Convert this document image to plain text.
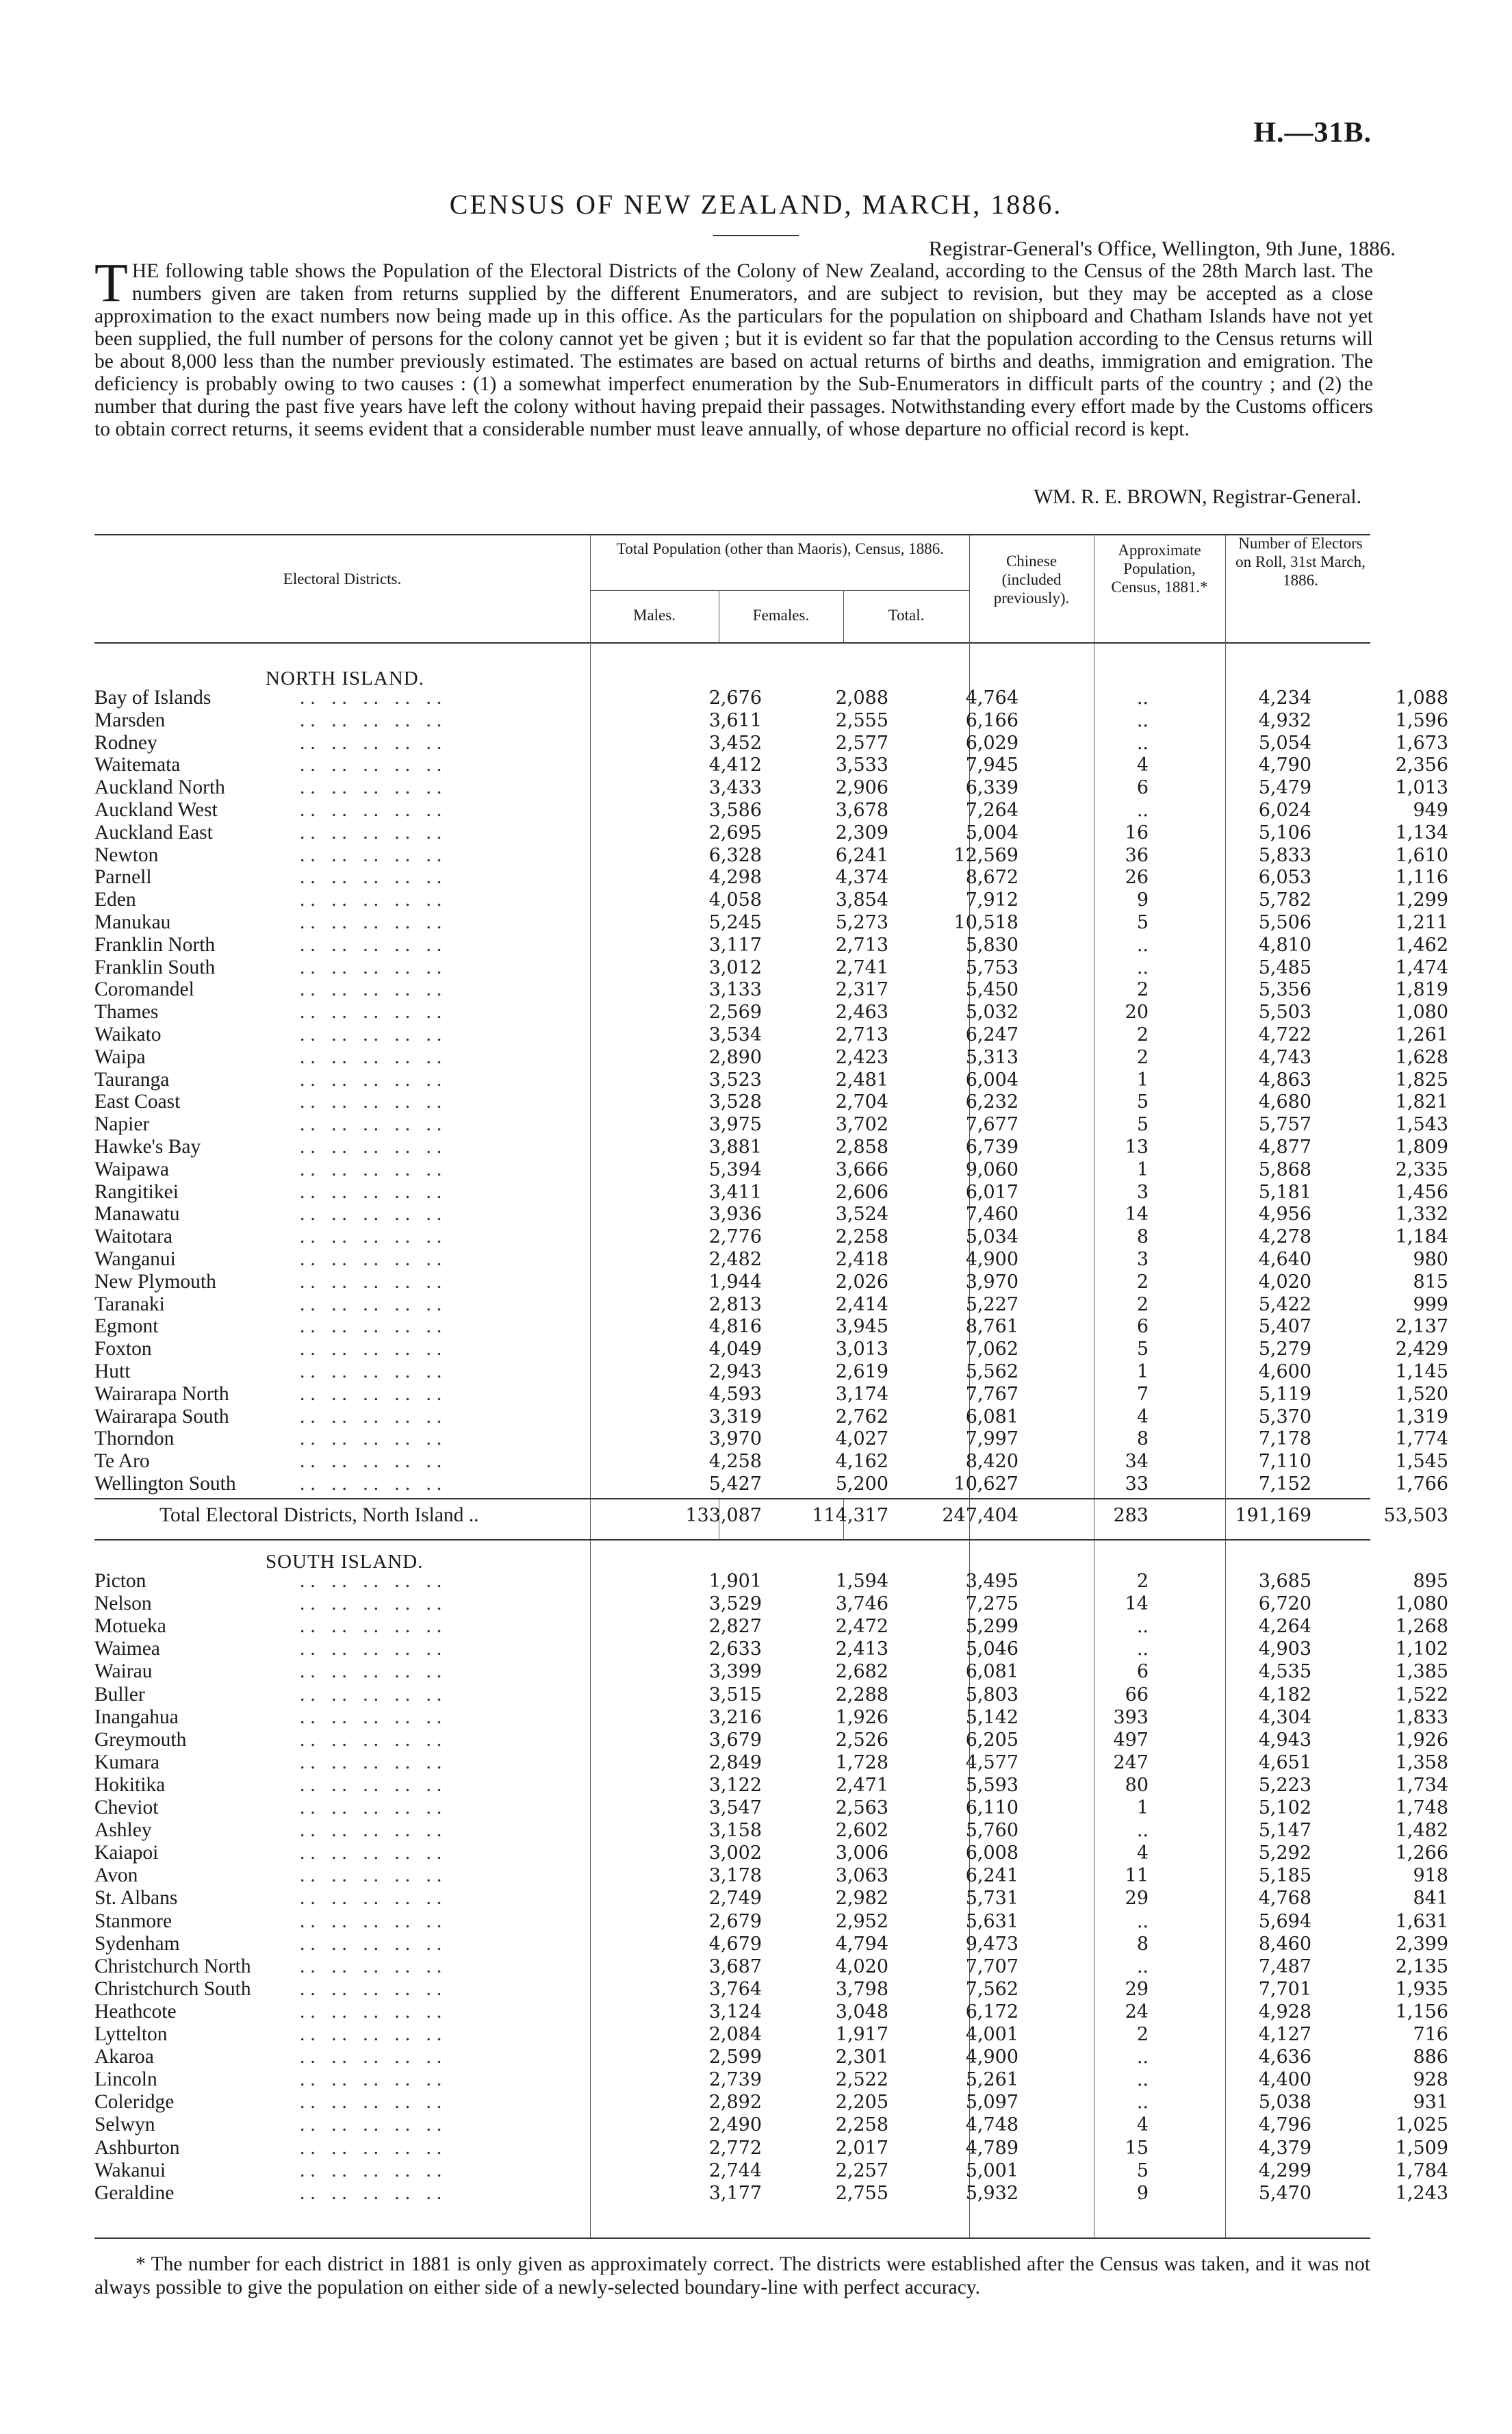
H.—31B.
CENSUS OF NEW ZEALAND, MARCH, 1886.
Registrar-General's Office, Wellington, 9th June, 1886.
THE following table shows the Population of the Electoral Districts of the Colony of New Zealand, according to the Census of the 28th March last. The numbers given are taken from returns supplied by the different Enumerators, and are subject to revision, but they may be accepted as a close approximation to the exact numbers now being made up in this office. As the particulars for the population on shipboard and Chatham Islands have not yet been supplied, the full number of persons for the colony cannot yet be given ; but it is evident so far that the population according to the Census returns will be about 8,000 less than the number previously estimated. The estimates are based on actual returns of births and deaths, immigration and emigration. The deficiency is probably owing to two causes : (1) a somewhat imperfect enumeration by the Sub-Enumerators in difficult parts of the country ; and (2) the number that during the past five years have left the colony without having prepaid their passages. Notwithstanding every effort made by the Customs officers to obtain correct returns, it seems evident that a considerable number must leave annually, of whose departure no official record is kept.
WM. R. E. BROWN, Registrar-General.
Electoral Districts.
Total Population (other than Maoris), Census, 1886.
Males.	Females.	Total.
Chinese (included previously).
Approximate Population, Census, 1881.*
Number of Electors on Roll, 31st March, 1886.
NORTH ISLAND.
.. .. .. .. ..
Bay of Islands	2,676	2,088	4,764	..	4,234	1,088
.. .. .. .. ..
Marsden	3,611	2,555	6,166	..	4,932	1,596
.. .. .. .. ..
Rodney	3,452	2,577	6,029	..	5,054	1,673
.. .. .. .. ..
Waitemata	4,412	3,533	7,945	4	4,790	2,356
.. .. .. .. ..
Auckland North	3,433	2,906	6,339	6	5,479	1,013
.. .. .. .. ..
Auckland West	3,586	3,678	7,264	..	6,024	949
.. .. .. .. ..
Auckland East	2,695	2,309	5,004	16	5,106	1,134
.. .. .. .. ..
Newton	6,328	6,241	12,569	36	5,833	1,610
.. .. .. .. ..
Parnell	4,298	4,374	8,672	26	6,053	1,116
.. .. .. .. ..
Eden	4,058	3,854	7,912	9	5,782	1,299
.. .. .. .. ..
Manukau	5,245	5,273	10,518	5	5,506	1,211
.. .. .. .. ..
Franklin North	3,117	2,713	5,830	..	4,810	1,462
.. .. .. .. ..
Franklin South	3,012	2,741	5,753	..	5,485	1,474
.. .. .. .. ..
Coromandel	3,133	2,317	5,450	2	5,356	1,819
.. .. .. .. ..
Thames	2,569	2,463	5,032	20	5,503	1,080
.. .. .. .. ..
Waikato	3,534	2,713	6,247	2	4,722	1,261
.. .. .. .. ..
Waipa	2,890	2,423	5,313	2	4,743	1,628
.. .. .. .. ..
Tauranga	3,523	2,481	6,004	1	4,863	1,825
.. .. .. .. ..
East Coast	3,528	2,704	6,232	5	4,680	1,821
.. .. .. .. ..
Napier	3,975	3,702	7,677	5	5,757	1,543
.. .. .. .. ..
Hawke's Bay	3,881	2,858	6,739	13	4,877	1,809
.. .. .. .. ..
Waipawa	5,394	3,666	9,060	1	5,868	2,335
.. .. .. .. ..
Rangitikei	3,411	2,606	6,017	3	5,181	1,456
.. .. .. .. ..
Manawatu	3,936	3,524	7,460	14	4,956	1,332
.. .. .. .. ..
Waitotara	2,776	2,258	5,034	8	4,278	1,184
.. .. .. .. ..
Wanganui	2,482	2,418	4,900	3	4,640	980
.. .. .. .. ..
New Plymouth	1,944	2,026	3,970	2	4,020	815
.. .. .. .. ..
Taranaki	2,813	2,414	5,227	2	5,422	999
.. .. .. .. ..
Egmont	4,816	3,945	8,761	6	5,407	2,137
.. .. .. .. ..
Foxton	4,049	3,013	7,062	5	5,279	2,429
.. .. .. .. ..
Hutt	2,943	2,619	5,562	1	4,600	1,145
.. .. .. .. ..
Wairarapa North	4,593	3,174	7,767	7	5,119	1,520
.. .. .. .. ..
Wairarapa South	3,319	2,762	6,081	4	5,370	1,319
.. .. .. .. ..
Thorndon	3,970	4,027	7,997	8	7,178	1,774
.. .. .. .. ..
Te Aro	4,258	4,162	8,420	34	7,110	1,545
.. .. .. .. ..
Wellington South	5,427	5,200	10,627	33	7,152	1,766
Total Electoral Districts, North Island ..	133,087	114,317	247,404	283	191,169	53,503
SOUTH ISLAND.
.. .. .. .. ..
Picton	1,901	1,594	3,495	2	3,685	895
.. .. .. .. ..
Nelson	3,529	3,746	7,275	14	6,720	1,080
.. .. .. .. ..
Motueka	2,827	2,472	5,299	..	4,264	1,268
.. .. .. .. ..
Waimea	2,633	2,413	5,046	..	4,903	1,102
.. .. .. .. ..
Wairau	3,399	2,682	6,081	6	4,535	1,385
.. .. .. .. ..
Buller	3,515	2,288	5,803	66	4,182	1,522
.. .. .. .. ..
Inangahua	3,216	1,926	5,142	393	4,304	1,833
.. .. .. .. ..
Greymouth	3,679	2,526	6,205	497	4,943	1,926
.. .. .. .. ..
Kumara	2,849	1,728	4,577	247	4,651	1,358
.. .. .. .. ..
Hokitika	3,122	2,471	5,593	80	5,223	1,734
.. .. .. .. ..
Cheviot	3,547	2,563	6,110	1	5,102	1,748
.. .. .. .. ..
Ashley	3,158	2,602	5,760	..	5,147	1,482
.. .. .. .. ..
Kaiapoi	3,002	3,006	6,008	4	5,292	1,266
.. .. .. .. ..
Avon	3,178	3,063	6,241	11	5,185	918
.. .. .. .. ..
St. Albans	2,749	2,982	5,731	29	4,768	841
.. .. .. .. ..
Stanmore	2,679	2,952	5,631	..	5,694	1,631
.. .. .. .. ..
Sydenham	4,679	4,794	9,473	8	8,460	2,399
.. .. .. .. ..
Christchurch North	3,687	4,020	7,707	..	7,487	2,135
.. .. .. .. ..
Christchurch South	3,764	3,798	7,562	29	7,701	1,935
.. .. .. .. ..
Heathcote	3,124	3,048	6,172	24	4,928	1,156
.. .. .. .. ..
Lyttelton	2,084	1,917	4,001	2	4,127	716
.. .. .. .. ..
Akaroa	2,599	2,301	4,900	..	4,636	886
.. .. .. .. ..
Lincoln	2,739	2,522	5,261	..	4,400	928
.. .. .. .. ..
Coleridge	2,892	2,205	5,097	..	5,038	931
.. .. .. .. ..
Selwyn	2,490	2,258	4,748	4	4,796	1,025
.. .. .. .. ..
Ashburton	2,772	2,017	4,789	15	4,379	1,509
.. .. .. .. ..
Wakanui	2,744	2,257	5,001	5	4,299	1,784
.. .. .. .. ..
Geraldine	3,177	2,755	5,932	9	5,470	1,243
* The number for each district in 1881 is only given as approximately correct. The districts were established after the Census was taken, and it was not always possible to give the population on either side of a newly-selected boundary-line with perfect accuracy.
